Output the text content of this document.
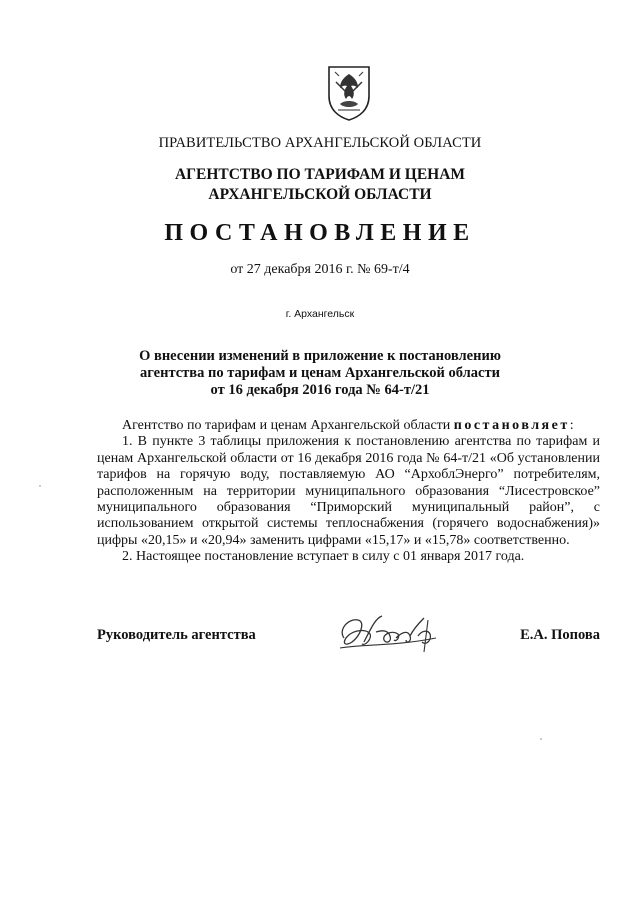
ПРАВИТЕЛЬСТВО АРХАНГЕЛЬСКОЙ ОБЛАСТИ
АГЕНТСТВО ПО ТАРИФАМ И ЦЕНАМ
АРХАНГЕЛЬСКОЙ ОБЛАСТИ
ПОСТАНОВЛЕНИЕ
от 27 декабря 2016 г. № 69-т/4
г. Архангельск
О внесении изменений в приложение к постановлению
агентства по тарифам и ценам Архангельской области
от 16 декабря 2016 года № 64-т/21

Агентство по тарифам и ценам Архангельской области постановляет:

1. В пункте 3 таблицы приложения к постановлению агентства по тарифам и ценам Архангельской области от 16 декабря 2016 года № 64-т/21 «Об установлении тарифов на горячую воду, поставляемую АО “АрхоблЭнерго” потребителям, расположенным на территории муниципального образования “Лисестровское” муниципального образования “Приморский муниципальный район”, с использованием открытой системы теплоснабжения (горячего водоснабжения)» цифры «20,15» и «20,94» заменить цифрами «15,17» и «15,78» соответственно.

2. Настоящее постановление вступает в силу с 01 января 2017 года.

Руководитель агентства	Е.А. Попова
